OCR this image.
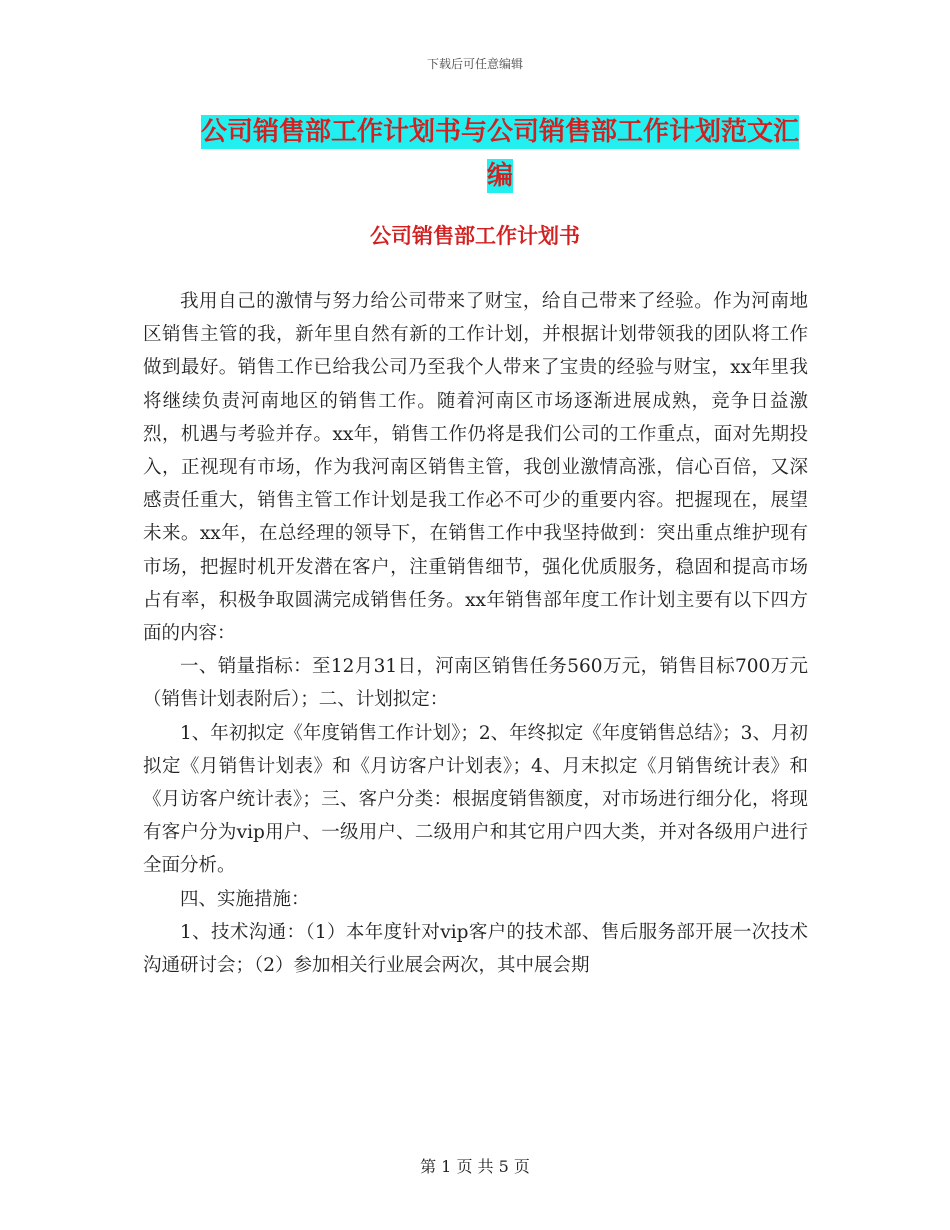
下载后可任意编辑
公司销售部工作计划书与公司销售部工作计划范文汇编
公司销售部工作计划书

我用自己的激情与努力给公司带来了财宝，给自己带来了经验。作为河南地区销售主管的我，新年里自然有新的工作计划，并根据计划带领我的团队将工作做到最好。销售工作已给我公司乃至我个人带来了宝贵的经验与财宝，xx年里我将继续负责河南地区的销售工作。随着河南区市场逐渐进展成熟，竞争日益激烈，机遇与考验并存。xx年，销售工作仍将是我们公司的工作重点，面对先期投入，正视现有市场，作为我河南区销售主管，我创业激情高涨，信心百倍，又深感责任重大，销售主管工作计划是我工作必不可少的重要内容。把握现在，展望未来。xx年，在总经理的领导下，在销售工作中我坚持做到：突出重点维护现有市场，把握时机开发潜在客户，注重销售细节，强化优质服务，稳固和提高市场占有率，积极争取圆满完成销售任务。xx年销售部年度工作计划主要有以下四方面的内容：

一、销量指标：至12月31日，河南区销售任务560万元，销售目标700万元（销售计划表附后）；二、计划拟定：

1、年初拟定《年度销售工作计划》；2、年终拟定《年度销售总结》；3、月初拟定《月销售计划表》和《月访客户计划表》；4、月末拟定《月销售统计表》和《月访客户统计表》；三、客户分类：根据度销售额度，对市场进行细分化，将现有客户分为vip用户、一级用户、二级用户和其它用户四大类，并对各级用户进行全面分析。

四、实施措施：

1、技术沟通：（1）本年度针对vip客户的技术部、售后服务部开展一次技术沟通研讨会；（2）参加相关行业展会两次，其中展会期

第 1 页 共 5 页
